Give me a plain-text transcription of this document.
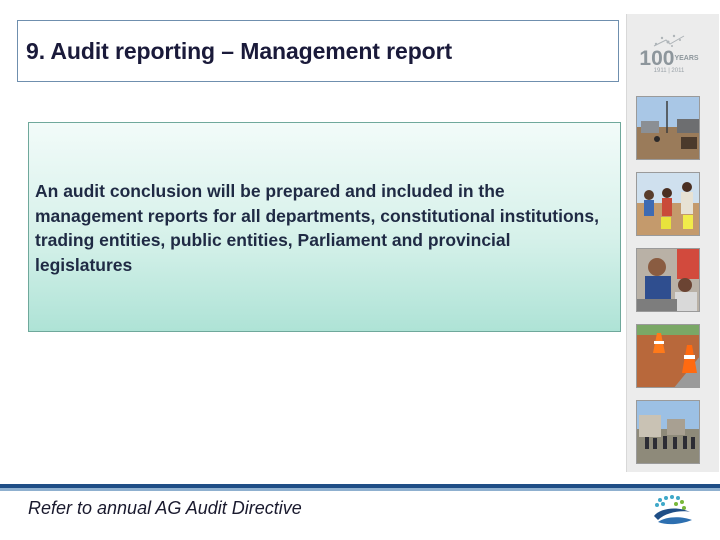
9. Audit reporting – Management report

An audit conclusion will be prepared and included in the management reports for all departments, constitutional institutions, trading entities, public entities, Parliament and provincial legislatures

$100^{YEARS}$
1911 | 2011
Refer to annual AG Audit Directive
